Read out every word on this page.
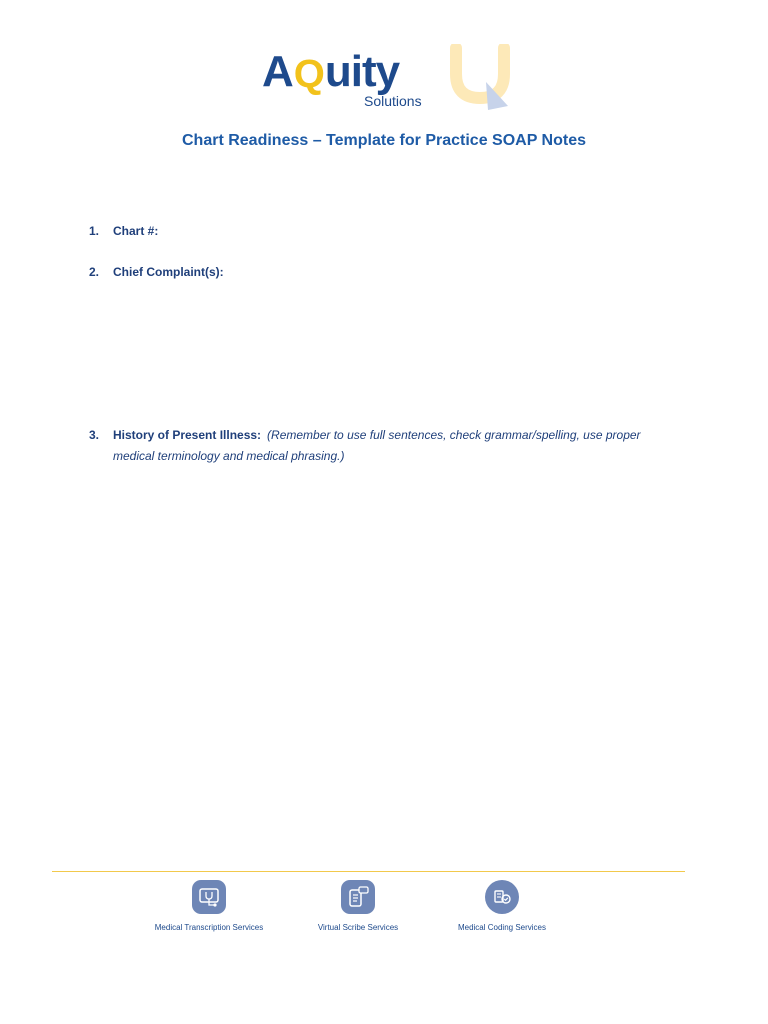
A Q uity
Solutions
Chart Readiness – Template for Practice SOAP Notes
1. Chart #:
2. Chief Complaint(s):
3. History of Present Illness: (Remember to use full sentences, check grammar/spelling, use proper medical terminology and medical phrasing.)
Medical Transcription Services	Virtual Scribe Services	Medical Coding Services
